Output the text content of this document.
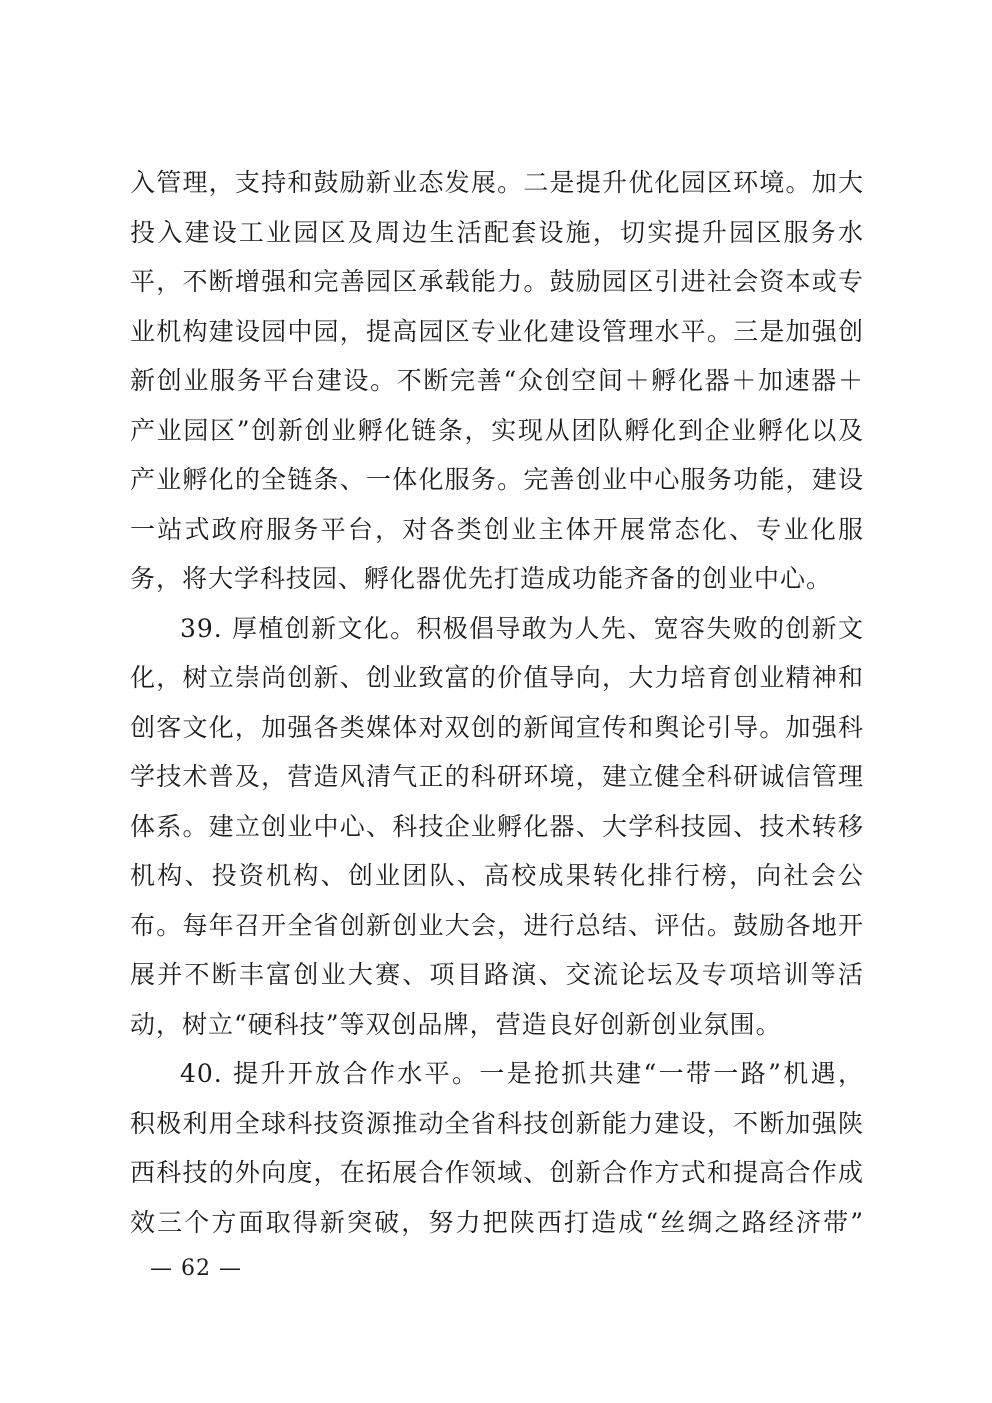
入管理，支持和鼓励新业态发展。二是提升优化园区环境。加大
投入建设工业园区及周边生活配套设施，切实提升园区服务水
平，不断增强和完善园区承载能力。鼓励园区引进社会资本或专
业机构建设园中园，提高园区专业化建设管理水平。三是加强创
新创业服务平台建设。不断完善“众创空间＋孵化器＋加速器＋
产业园区”创新创业孵化链条，实现从团队孵化到企业孵化以及
产业孵化的全链条、一体化服务。完善创业中心服务功能，建设
一站式政府服务平台，对各类创业主体开展常态化、专业化服
务，将大学科技园、孵化器优先打造成功能齐备的创业中心。
39. 厚植创新文化。积极倡导敢为人先、宽容失败的创新文
化，树立崇尚创新、创业致富的价值导向，大力培育创业精神和
创客文化，加强各类媒体对双创的新闻宣传和舆论引导。加强科
学技术普及，营造风清气正的科研环境，建立健全科研诚信管理
体系。建立创业中心、科技企业孵化器、大学科技园、技术转移
机构、投资机构、创业团队、高校成果转化排行榜，向社会公
布。每年召开全省创新创业大会，进行总结、评估。鼓励各地开
展并不断丰富创业大赛、项目路演、交流论坛及专项培训等活
动，树立“硬科技”等双创品牌，营造良好创新创业氛围。
40. 提升开放合作水平。一是抢抓共建“一带一路”机遇，
积极利用全球科技资源推动全省科技创新能力建设，不断加强陕
西科技的外向度，在拓展合作领域、创新合作方式和提高合作成
效三个方面取得新突破，努力把陕西打造成“丝绸之路经济带”
— 62 —
